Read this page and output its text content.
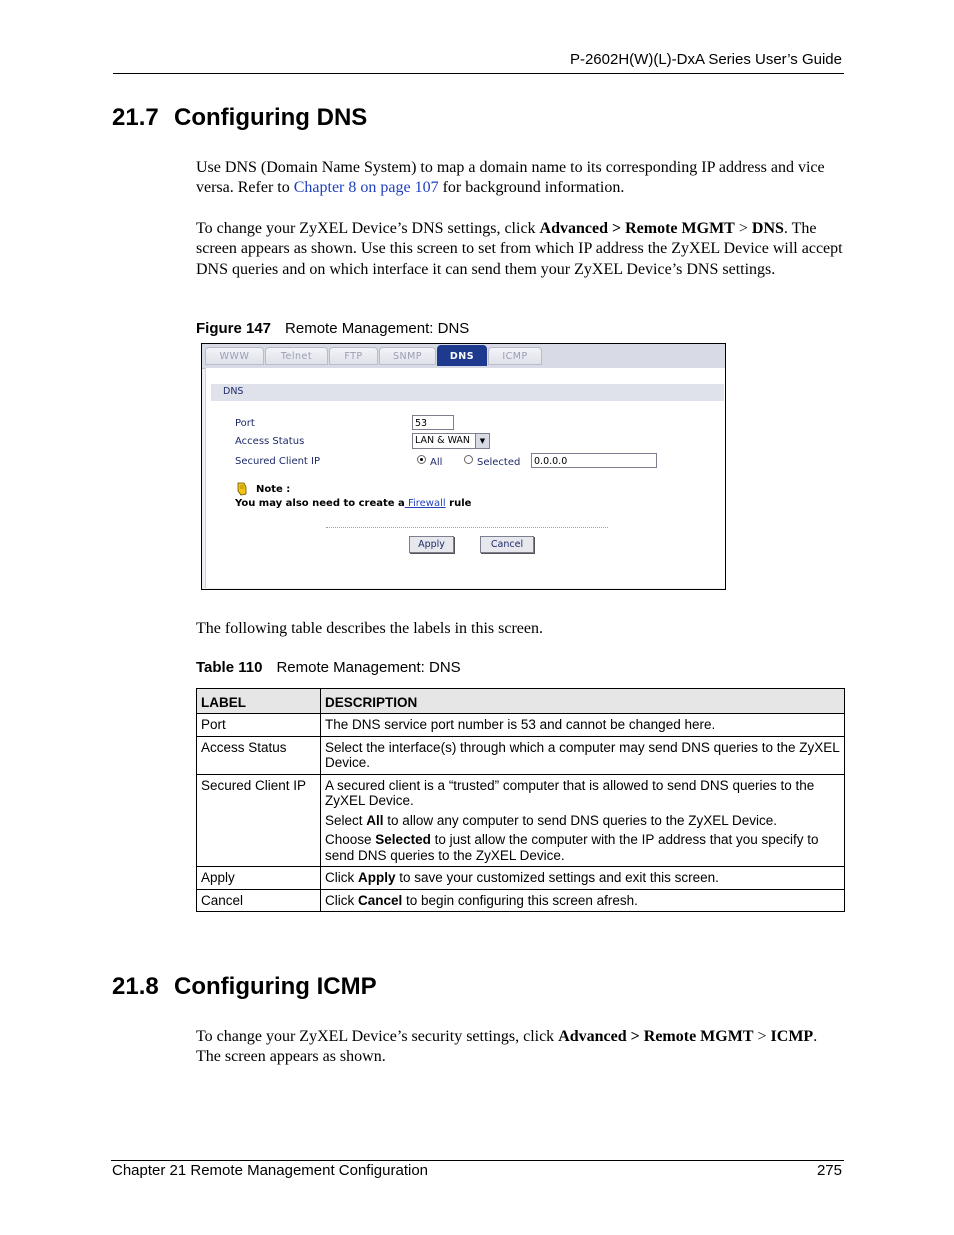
P-2602H(W)(L)-DxA Series User’s Guide
21.7 Configuring DNS
Use DNS (Domain Name System) to map a domain name to its corresponding IP address and vice versa. Refer to Chapter 8 on page 107 for background information.
To change your ZyXEL Device’s DNS settings, click Advanced > Remote MGMT > DNS. The screen appears as shown. Use this screen to set from which IP address the ZyXEL Device will accept DNS queries and on which interface it can send them your ZyXEL Device’s DNS settings.
Figure 147 Remote Management: DNS
WWW	Telnet	FTP	SNMP	DNS	ICMP
DNS
Port	53
Access Status	LAN & WAN	▼
Secured Client IP	All	Selected	0.0.0.0
Note :
You may also need to create a Firewall rule
Apply	Cancel
The following table describes the labels in this screen.
Table 110 Remote Management: DNS
LABEL	DESCRIPTION
Port	The DNS service port number is 53 and cannot be changed here.

Access Status	Select the interface(s) through which a computer may send DNS queries to the ZyXEL Device.

Secured Client IP	A secured client is a “trusted” computer that is allowed to send DNS queries to the ZyXEL Device.

Select All to allow any computer to send DNS queries to the ZyXEL Device.

Choose Selected to just allow the computer with the IP address that you specify to send DNS queries to the ZyXEL Device.

Apply	Click Apply to save your customized settings and exit this screen.

Cancel	Click Cancel to begin configuring this screen afresh.

21.8 Configuring ICMP
To change your ZyXEL Device’s security settings, click Advanced > Remote MGMT > ICMP. The screen appears as shown.
Chapter 21 Remote Management Configuration	275
